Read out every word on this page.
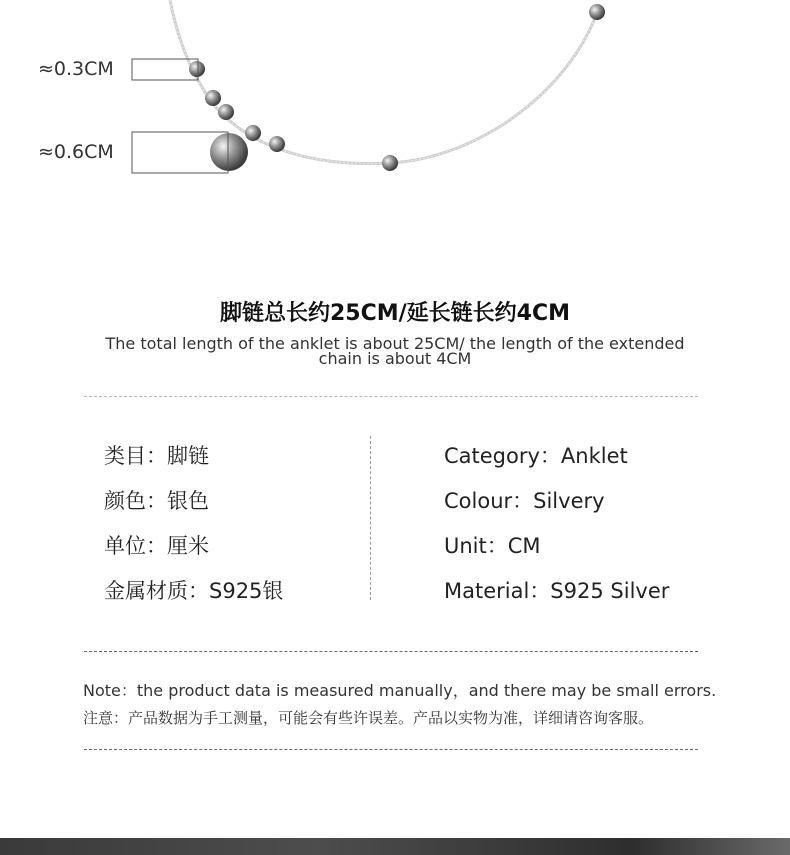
≈0.3CM
≈0.6CM
脚链总长约25CM/延长链长约4CM
The total length of the anklet is about 25CM/ the length of the extended chain is about 4CM
类目：脚链
颜色：银色
单位：厘米
金属材质：S925银
Category：Anklet
Colour：Silvery
Unit：CM
Material：S925 Silver
Note：the product data is measured manually，and there may be small errors.
注意：产品数据为手工测量，可能会有些许误差。产品以实物为准，详细请咨询客服。
